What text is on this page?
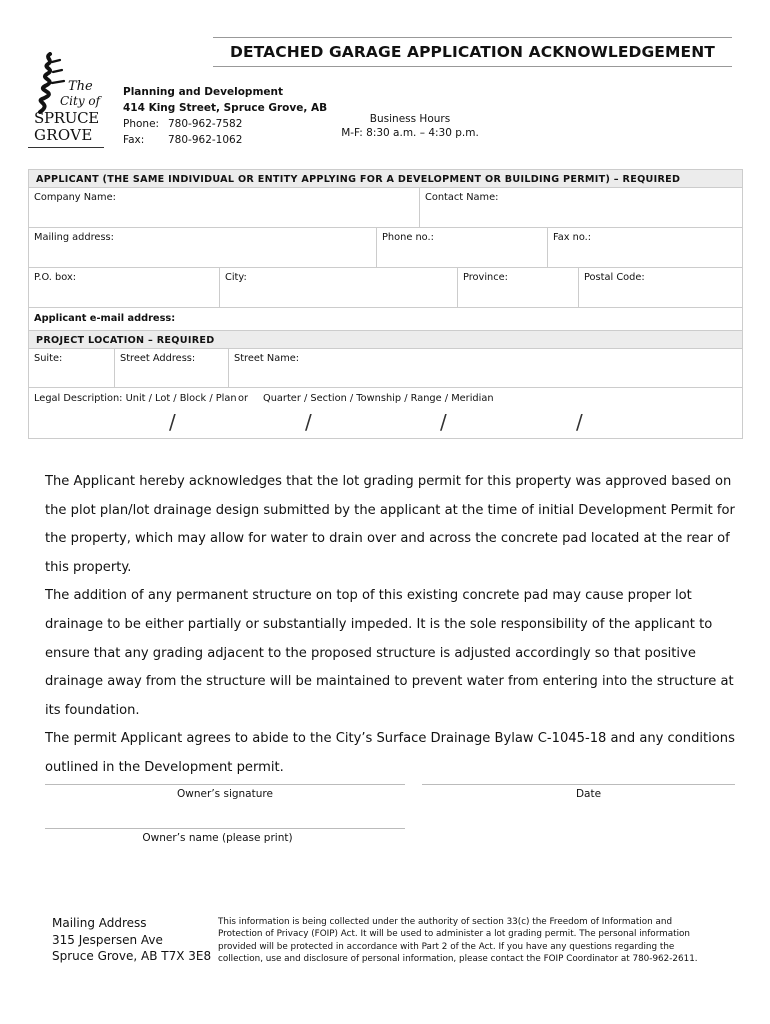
DETACHED GARAGE APPLICATION ACKNOWLEDGEMENT
The
City of
SPRUCE
GROVE
Planning and Development
414 King Street, Spruce Grove, AB
Phone: 780-962-7582
Fax:	780-962-1062
Business Hours
M-F: 8:30 a.m. – 4:30 p.m.
APPLICANT (THE SAME INDIVIDUAL OR ENTITY APPLYING FOR A DEVELOPMENT OR BUILDING PERMIT) – REQUIRED
Company Name:	Contact Name:
Mailing address:	Phone no.:	Fax no.:
P.O. box:	City:	Province:	Postal Code:
Applicant e-mail address:
PROJECT LOCATION – REQUIRED
Suite:	Street Address:	Street Name:
Legal Description: Unit / Lot / Block / Plan or Quarter / Section / Township / Range / Meridian
/	/	/	/

The Applicant hereby acknowledges that the lot grading permit for this property was approved based on the plot plan/lot drainage design submitted by the applicant at the time of initial Development Permit for the property, which may allow for water to drain over and across the concrete pad located at the rear of this property.

The addition of any permanent structure on top of this existing concrete pad may cause proper lot drainage to be either partially or substantially impeded. It is the sole responsibility of the applicant to ensure that any grading adjacent to the proposed structure is adjusted accordingly so that positive drainage away from the structure will be maintained to prevent water from entering into the structure at its foundation.

The permit Applicant agrees to abide to the City’s Surface Drainage Bylaw C-1045-18 and any conditions outlined in the Development permit.

Owner’s signature	Date
Owner’s name (please print)
Mailing Address
315 Jespersen Ave
Spruce Grove, AB T7X 3E8
This information is being collected under the authority of section 33(c) the Freedom of Information and Protection of Privacy (FOIP) Act. It will be used to administer a lot grading permit. The personal information provided will be protected in accordance with Part 2 of the Act. If you have any questions regarding the collection, use and disclosure of personal information, please contact the FOIP Coordinator at 780-962-2611.
